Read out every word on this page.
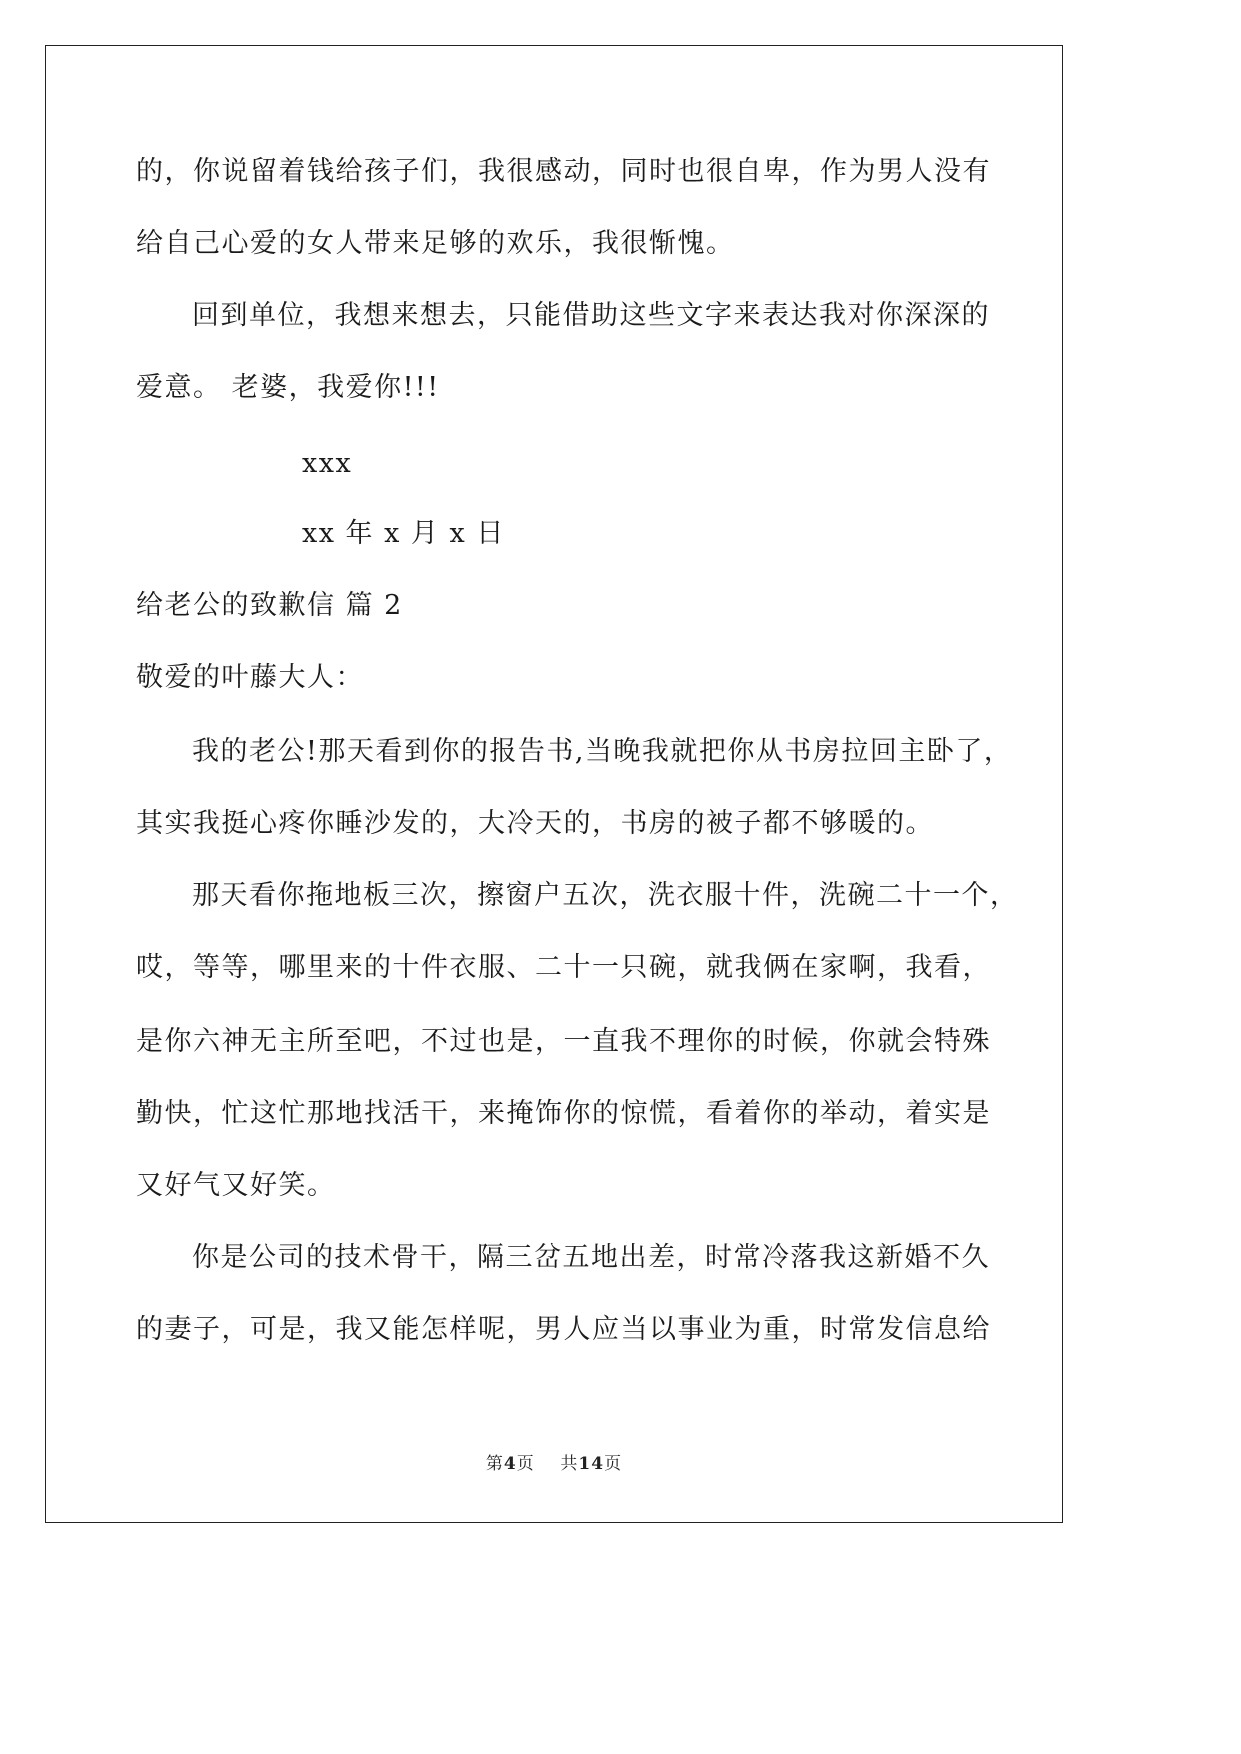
的，你说留着钱给孩子们，我很感动，同时也很自卑，作为男人没有
给自己心爱的女人带来足够的欢乐，我很惭愧。
回到单位，我想来想去，只能借助这些文字来表达我对你深深的
爱意。 老婆，我爱你!!!
xxx
xx 年 x 月 x 日
给老公的致歉信 篇 2
敬爱的叶藤大人：
我的老公!那天看到你的报告书,当晚我就把你从书房拉回主卧了，
其实我挺心疼你睡沙发的，大冷天的，书房的被子都不够暖的。
那天看你拖地板三次，擦窗户五次，洗衣服十件，洗碗二十一个，
哎，等等，哪里来的十件衣服、二十一只碗，就我俩在家啊，我看，
是你六神无主所至吧，不过也是，一直我不理你的时候，你就会特殊
勤快，忙这忙那地找活干，来掩饰你的惊慌，看着你的举动，着实是
又好气又好笑。
你是公司的技术骨干，隔三岔五地出差，时常冷落我这新婚不久
的妻子，可是，我又能怎样呢，男人应当以事业为重，时常发信息给
第4页 共14页
